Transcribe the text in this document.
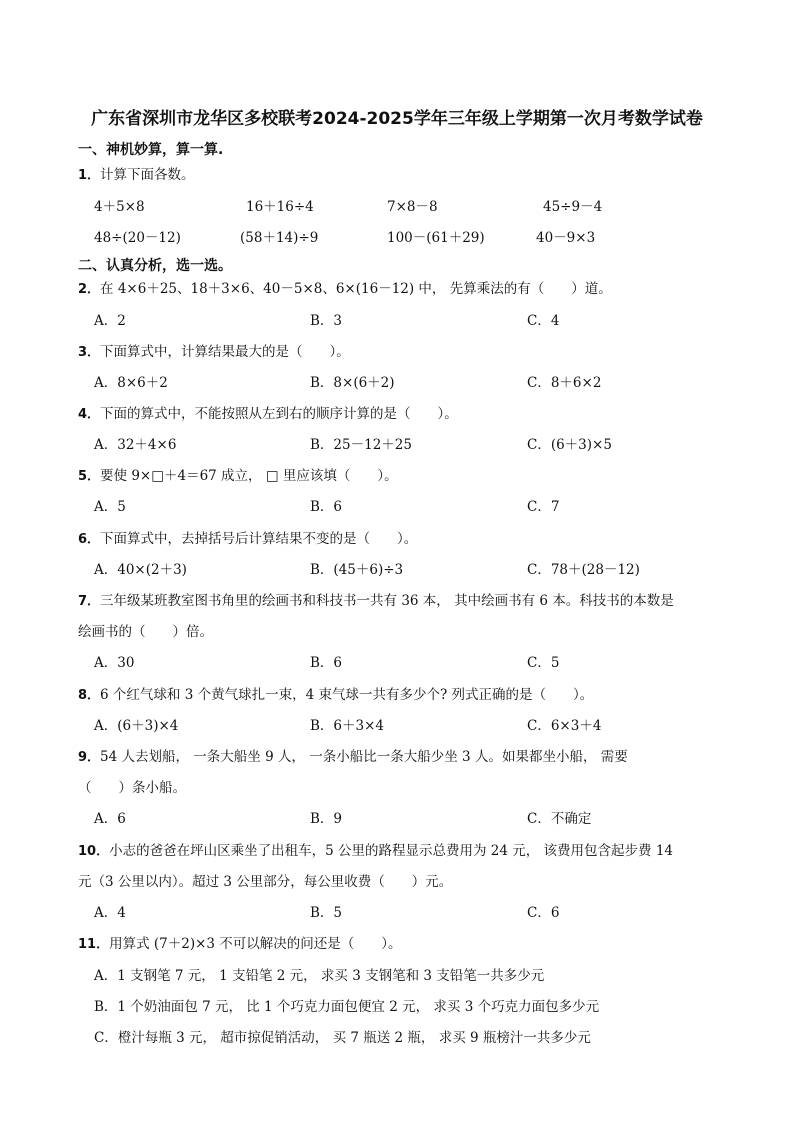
广东省深圳市龙华区多校联考2024-2025学年三年级上学期第一次月考数学试卷
一、神机妙算，算一算.
1．计算下面各数。
4＋5×8	16＋16÷4	7×8－8	45÷9－4
48÷(20－12)	(58＋14)÷9	100－(61＋29)	40－9×3
二、认真分析，选一选。
2．在 4×6＋25、18＋3×6、40－5×8、6×(16－12) 中， 先算乘法的有（　　）道。
A．2	B．3	C．4
3．下面算式中，计算结果最大的是（　　）。
A．8×6＋2	B．8×(6＋2)	C．8＋6×2
4．下面的算式中，不能按照从左到右的顺序计算的是（　　）。
A．32＋4×6	B．25－12＋25	C．(6＋3)×5
5．要使 9×□＋4＝67 成立， □ 里应该填（　　）。
A．5	B．6	C．7
6．下面算式中，去掉括号后计算结果不变的是（　　）。
A．40×(2＋3)	B．(45＋6)÷3	C．78＋(28－12)
7．三年级某班教室图书角里的绘画书和科技书一共有 36 本， 其中绘画书有 6 本。科技书的本数是
绘画书的（　　）倍。
A．30	B．6	C．5
8．6 个红气球和 3 个黄气球扎一束，4 束气球一共有多少个? 列式正确的是（　　）。
A．(6＋3)×4	B．6＋3×4	C．6×3＋4
9．54 人去划船， 一条大船坐 9 人， 一条小船比一条大船少坐 3 人。如果都坐小船， 需要
（　　）条小船。
A．6	B．9	C．不确定
10．小志的爸爸在坪山区乘坐了出租车，5 公里的路程显示总费用为 24 元， 该费用包含起步费 14
元（3 公里以内）。超过 3 公里部分，每公里收费（　　）元。
A．4	B．5	C．6
11．用算式 (7＋2)×3 不可以解决的问还是（　　）。
A．1 支钢笔 7 元， 1 支铅笔 2 元， 求买 3 支钢笔和 3 支铅笔一共多少元
B．1 个奶油面包 7 元， 比 1 个巧克力面包便宜 2 元， 求买 3 个巧克力面包多少元
C．橙汁每瓶 3 元， 超市掠促销活动， 买 7 瓶送 2 瓶， 求买 9 瓶榜汁一共多少元
